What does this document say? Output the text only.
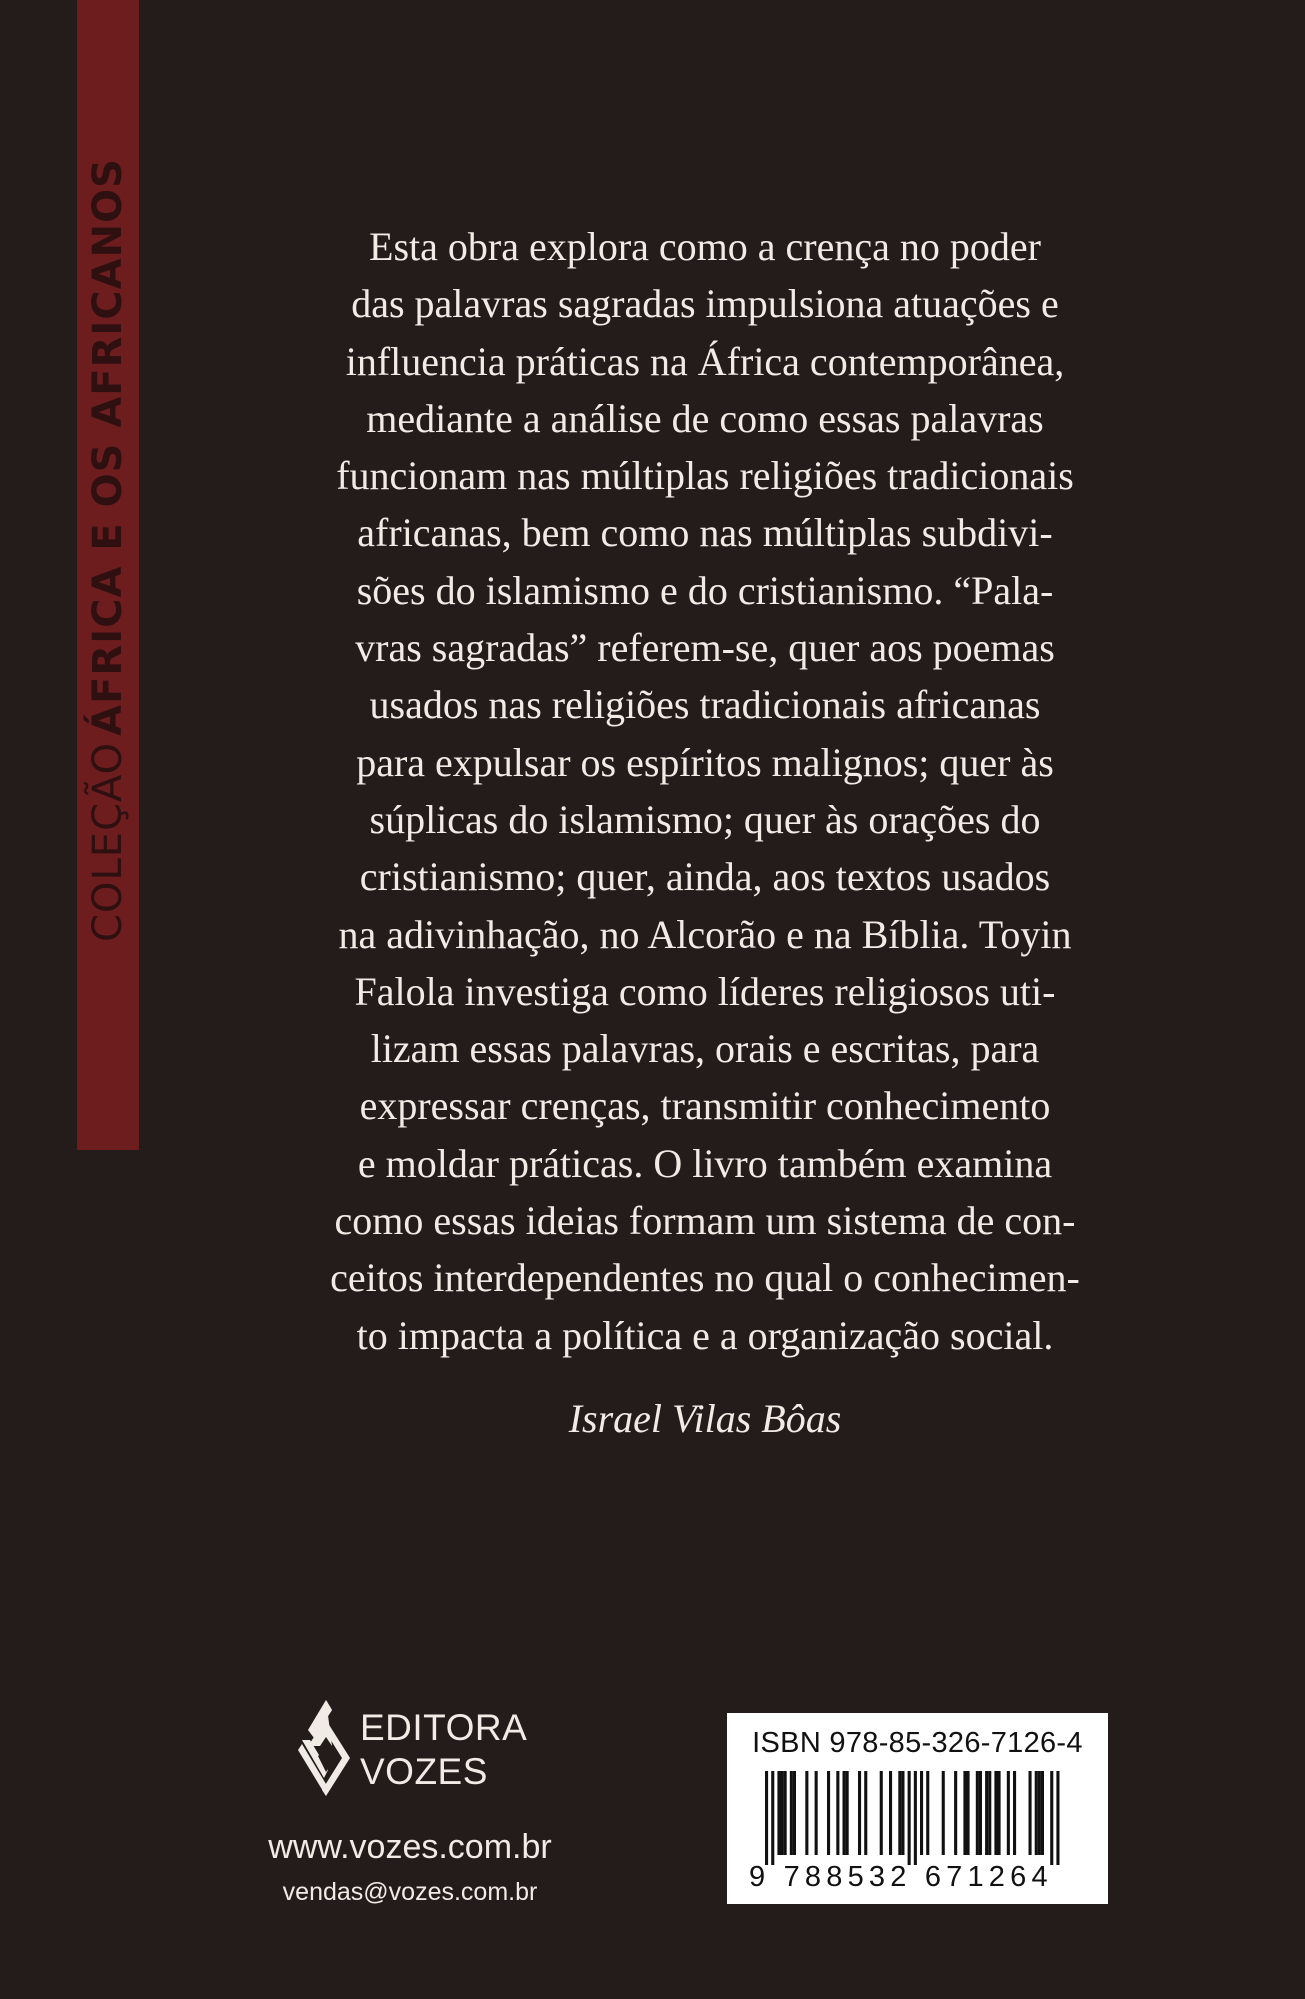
COLEÇÃO
ÁFRICA E OS AFRICANOS	Esta obra explora como a crença no poder
das palavras sagradas impulsiona atuações e
influencia práticas na África contemporânea,
mediante a análise de como essas palavras
funcionam nas múltiplas religiões tradicionais
africanas, bem como nas múltiplas subdivi-
sões do islamismo e do cristianismo. “Pala-
vras sagradas” referem-se, quer aos poemas
usados nas religiões tradicionais africanas
para expulsar os espíritos malignos; quer às
súplicas do islamismo; quer às orações do
cristianismo; quer, ainda, aos textos usados
na adivinhação, no Alcorão e na Bíblia. Toyin
Falola investiga como líderes religiosos uti-
lizam essas palavras, orais e escritas, para
expressar crenças, transmitir conhecimento
e moldar práticas. O livro também examina
como essas ideias formam um sistema de con-
ceitos interdependentes no qual o conhecimen-
to impacta a política e a organização social.
Israel Vilas Bôas
EDITORA
VOZES
www.vozes.com.br
vendas@vozes.com.br
ISBN 978-85-326-7126-4
9 788532 671264
